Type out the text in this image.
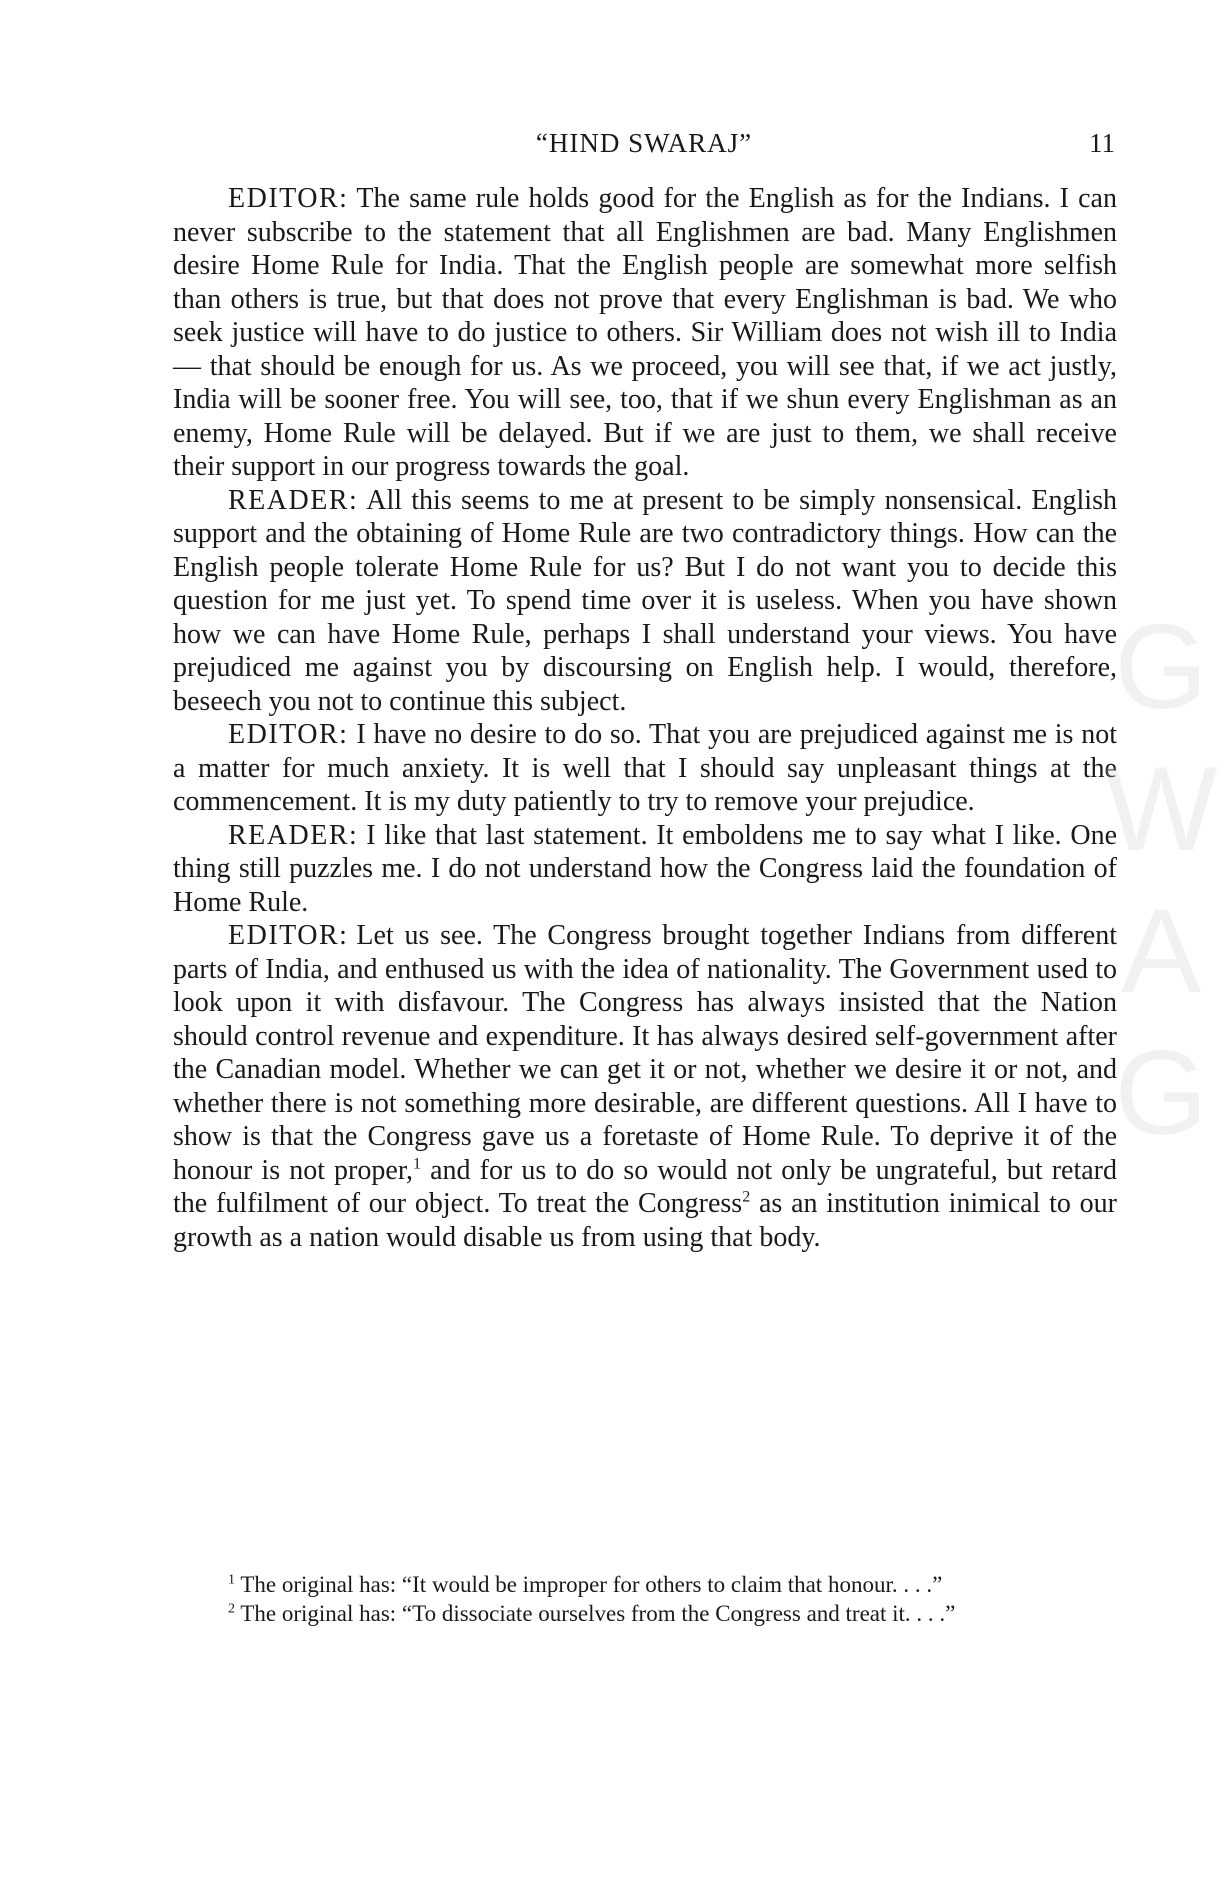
“HIND SWARAJ”	11

EDITOR: The same rule holds good for the English as for the Indians. I can never subscribe to the statement that all Englishmen are bad. Many Englishmen desire Home Rule for India. That the English people are somewhat more selfish than others is true, but that does not prove that every Englishman is bad. We who seek justice will have to do justice to others. Sir William does not wish ill to India— that should be enough for us. As we proceed, you will see that, if we act justly, India will be sooner free. You will see, too, that if we shun every Englishman as an enemy, Home Rule will be delayed. But if we are just to them, we shall receive their support in our progress towards the goal.

READER: All this seems to me at present to be simply nonsensical. English support and the obtaining of Home Rule are two contradictory things. How can the English people tolerate Home Rule for us? But I do not want you to decide this question for me just yet. To spend time over it is useless. When you have shown how we can have Home Rule, perhaps I shall understand your views. You have prejudiced me against you by discoursing on English help. I would, therefore, beseech you not to continue this subject.

EDITOR: I have no desire to do so. That you are prejudiced against me is not a matter for much anxiety. It is well that I should say unpleasant things at the commencement. It is my duty patiently to try to remove your prejudice.

READER: I like that last statement. It emboldens me to say what I like. One thing still puzzles me. I do not understand how the Congress laid the foundation of Home Rule.

EDITOR: Let us see. The Congress brought together Indians from different parts of India, and enthused us with the idea of nationality. The Government used to look upon it with disfavour. The Congress has always insisted that the Nation should control revenue and expenditure. It has always desired self-government after the Canadian model. Whether we can get it or not, whether we desire it or not, and whether there is not something more desirable, are different questions. All I have to show is that the Congress gave us a foretaste of Home Rule. To deprive it of the honour is not proper,$^1$ and for us to do so would not only be ungrateful, but retard the fulfilment of our object. To treat the Congress$^2$ as an institution inimical to our growth as a nation would disable us from using that body.

$^1$ The original has: “It would be improper for others to claim that honour. . . .”

$^2$ The original has: “To dissociate ourselves from the Congress and treat it. . . .”

GWAG
